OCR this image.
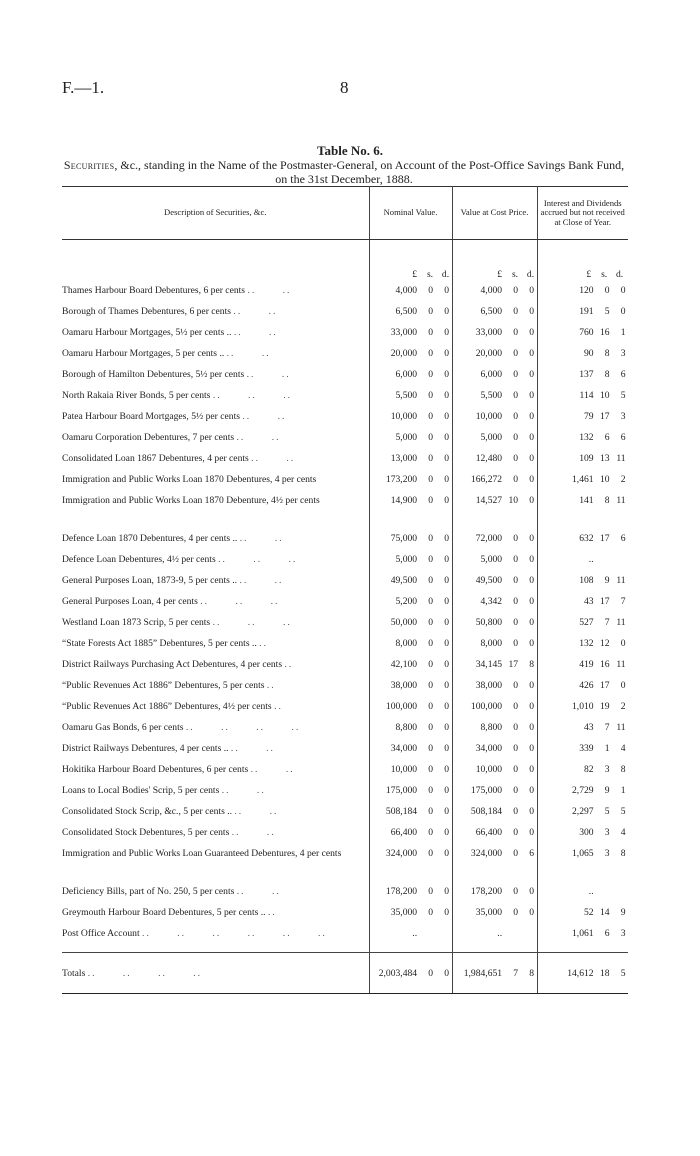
F.—1.	8
Table No. 6.
Securities, &c., standing in the Name of the Postmaster-General, on Account of the Post-Office Savings Bank Fund, on the 31st December, 1888.
Description of Securities, &c.	Nominal Value.	Value at Cost Price.	Interest and Dividends accrued but not received at Close of Year.
	£ s. d.	£ s. d.	£ s. d.
Thames Harbour Board Debentures, 6 per cents ..      ..	4,000 0 0	4,000 0 0	120 0 0
Borough of Thames Debentures, 6 per cents ..      ..	6,500 0 0	6,500 0 0	191 5 0
Oamaru Harbour Mortgages, 5½ per cents .. ..      ..	33,000 0 0	33,000 0 0	760 16 1
Oamaru Harbour Mortgages, 5 per cents .. ..      ..	20,000 0 0	20,000 0 0	90 8 3
Borough of Hamilton Debentures, 5½ per cents ..      ..	6,000 0 0	6,000 0 0	137 8 6
North Rakaia River Bonds, 5 per cents ..      ..      ..	5,500 0 0	5,500 0 0	114 10 5
Patea Harbour Board Mortgages, 5½ per cents ..      ..	10,000 0 0	10,000 0 0	79 17 3
Oamaru Corporation Debentures, 7 per cents ..      ..	5,000 0 0	5,000 0 0	132 6 6
Consolidated Loan 1867 Debentures, 4 per cents ..      ..	13,000 0 0	12,480 0 0	109 13 11
Immigration and Public Works Loan 1870 Debentures, 4 per cents	173,200 0 0	166,272 0 0	1,461 10 2
Immigration and Public Works Loan 1870 Debenture, 4½ per cents	14,900 0 0	14,527 10 0	141 8 11
Defence Loan 1870 Debentures, 4 per cents .. ..      ..	75,000 0 0	72,000 0 0	632 17 6
Defence Loan Debentures, 4½ per cents ..      ..      ..	5,000 0 0	5,000 0 0	..
General Purposes Loan, 1873-9, 5 per cents .. ..      ..	49,500 0 0	49,500 0 0	108 9 11
General Purposes Loan, 4 per cents ..      ..      ..	5,200 0 0	4,342 0 0	43 17 7
Westland Loan 1873 Scrip, 5 per cents ..      ..      ..	50,000 0 0	50,800 0 0	527 7 11
“State Forests Act 1885” Debentures, 5 per cents .. ..	8,000 0 0	8,000 0 0	132 12 0
District Railways Purchasing Act Debentures, 4 per cents ..	42,100 0 0	34,145 17 8	419 16 11
“Public Revenues Act 1886” Debentures, 5 per cents ..	38,000 0 0	38,000 0 0	426 17 0
“Public Revenues Act 1886” Debentures, 4½ per cents ..	100,000 0 0	100,000 0 0	1,010 19 2
Oamaru Gas Bonds, 6 per cents ..      ..      ..      ..	8,800 0 0	8,800 0 0	43 7 11
District Railways Debentures, 4 per cents .. ..      ..	34,000 0 0	34,000 0 0	339 1 4
Hokitika Harbour Board Debentures, 6 per cents ..      ..	10,000 0 0	10,000 0 0	82 3 8
Loans to Local Bodies' Scrip, 5 per cents ..      ..	175,000 0 0	175,000 0 0	2,729 9 1
Consolidated Stock Scrip, &c., 5 per cents .. ..      ..	508,184 0 0	508,184 0 0	2,297 5 5
Consolidated Stock Debentures, 5 per cents ..      ..	66,400 0 0	66,400 0 0	300 3 4
Immigration and Public Works Loan Guaranteed Debentures, 4 per cents	324,000 0 0	324,000 0 6	1,065 3 8
Deficiency Bills, part of No. 250, 5 per cents ..      ..	178,200 0 0	178,200 0 0	..
Greymouth Harbour Board Debentures, 5 per cents .. ..	35,000 0 0	35,000 0 0	52 14 9
Post Office Account ..      ..      ..      ..      ..      ..	..	..	1,061 6 3

Totals ..      ..      ..      ..	2,003,484 0 0	1,984,651 7 8	14,612 18 5
